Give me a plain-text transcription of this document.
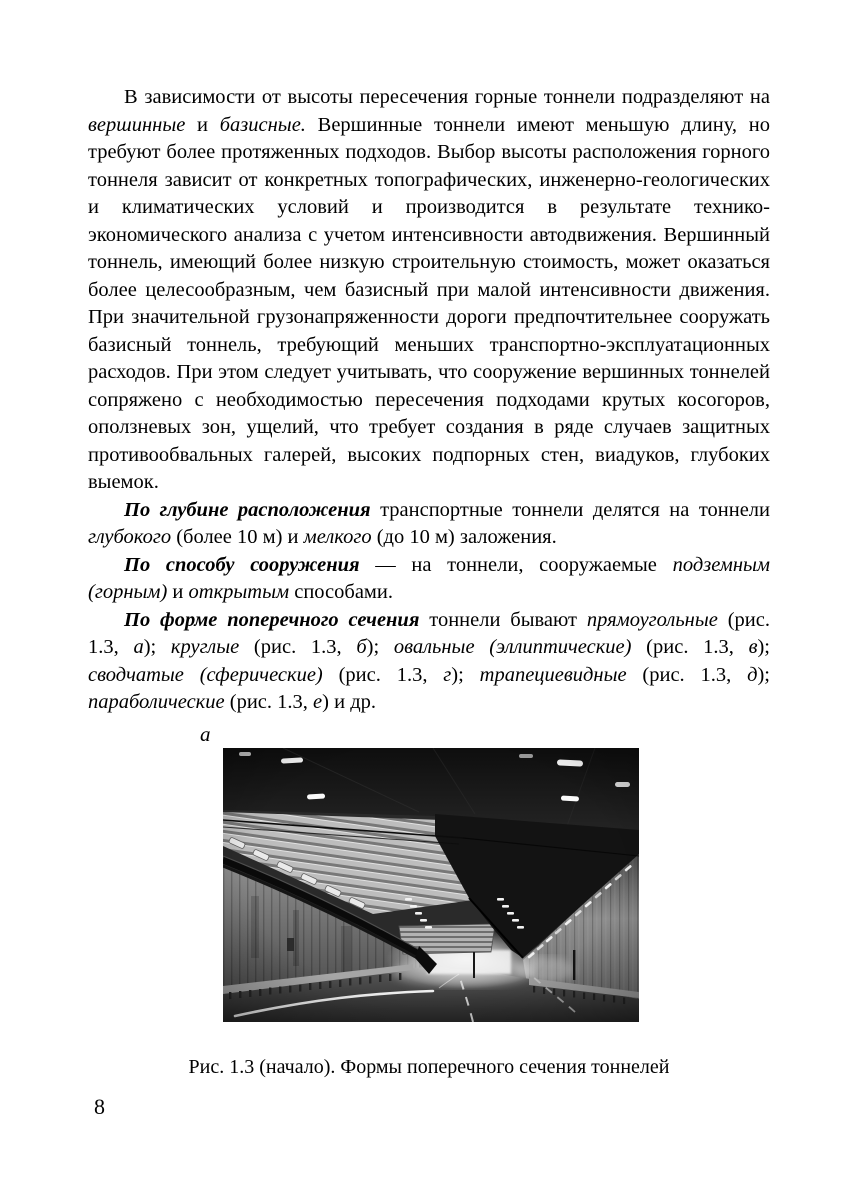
В зависимости от высоты пересечения горные тоннели подразделяют на вершинные и базисные. Вершинные тоннели имеют меньшую длину, но требуют более протяженных подходов. Выбор высоты расположения горного тоннеля зависит от конкретных топографических, инженерно-геологических и климатических условий и производится в результате технико-экономического анализа с учетом интенсивности автодвижения. Вершинный тоннель, имеющий более низкую строительную стоимость, может оказаться более целесообразным, чем базисный при малой интенсивности движения. При значительной грузонапряженности дороги предпочтительнее сооружать базисный тоннель, требующий меньших транспортно-эксплуатационных расходов. При этом следует учитывать, что сооружение вершинных тоннелей сопряжено с необходимостью пересечения подходами крутых косогоров, оползневых зон, ущелий, что требует создания в ряде случаев защитных противообвальных галерей, высоких подпорных стен, виадуков, глубоких выемок.

По глубине расположения транспортные тоннели делятся на тоннели глубокого (более 10 м) и мелкого (до 10 м) заложения.

По способу сооружения — на тоннели, сооружаемые подземным (горным) и открытым способами.

По форме поперечного сечения тоннели бывают прямоугольные (рис. 1.3, а); круглые (рис. 1.3, б); овальные (эллиптические) (рис. 1.3, в); сводчатые (сферические) (рис. 1.3, г); трапециевидные (рис. 1.3, д); параболические (рис. 1.3, е) и др.

а
Рис. 1.3 (начало). Формы поперечного сечения тоннелей
8
